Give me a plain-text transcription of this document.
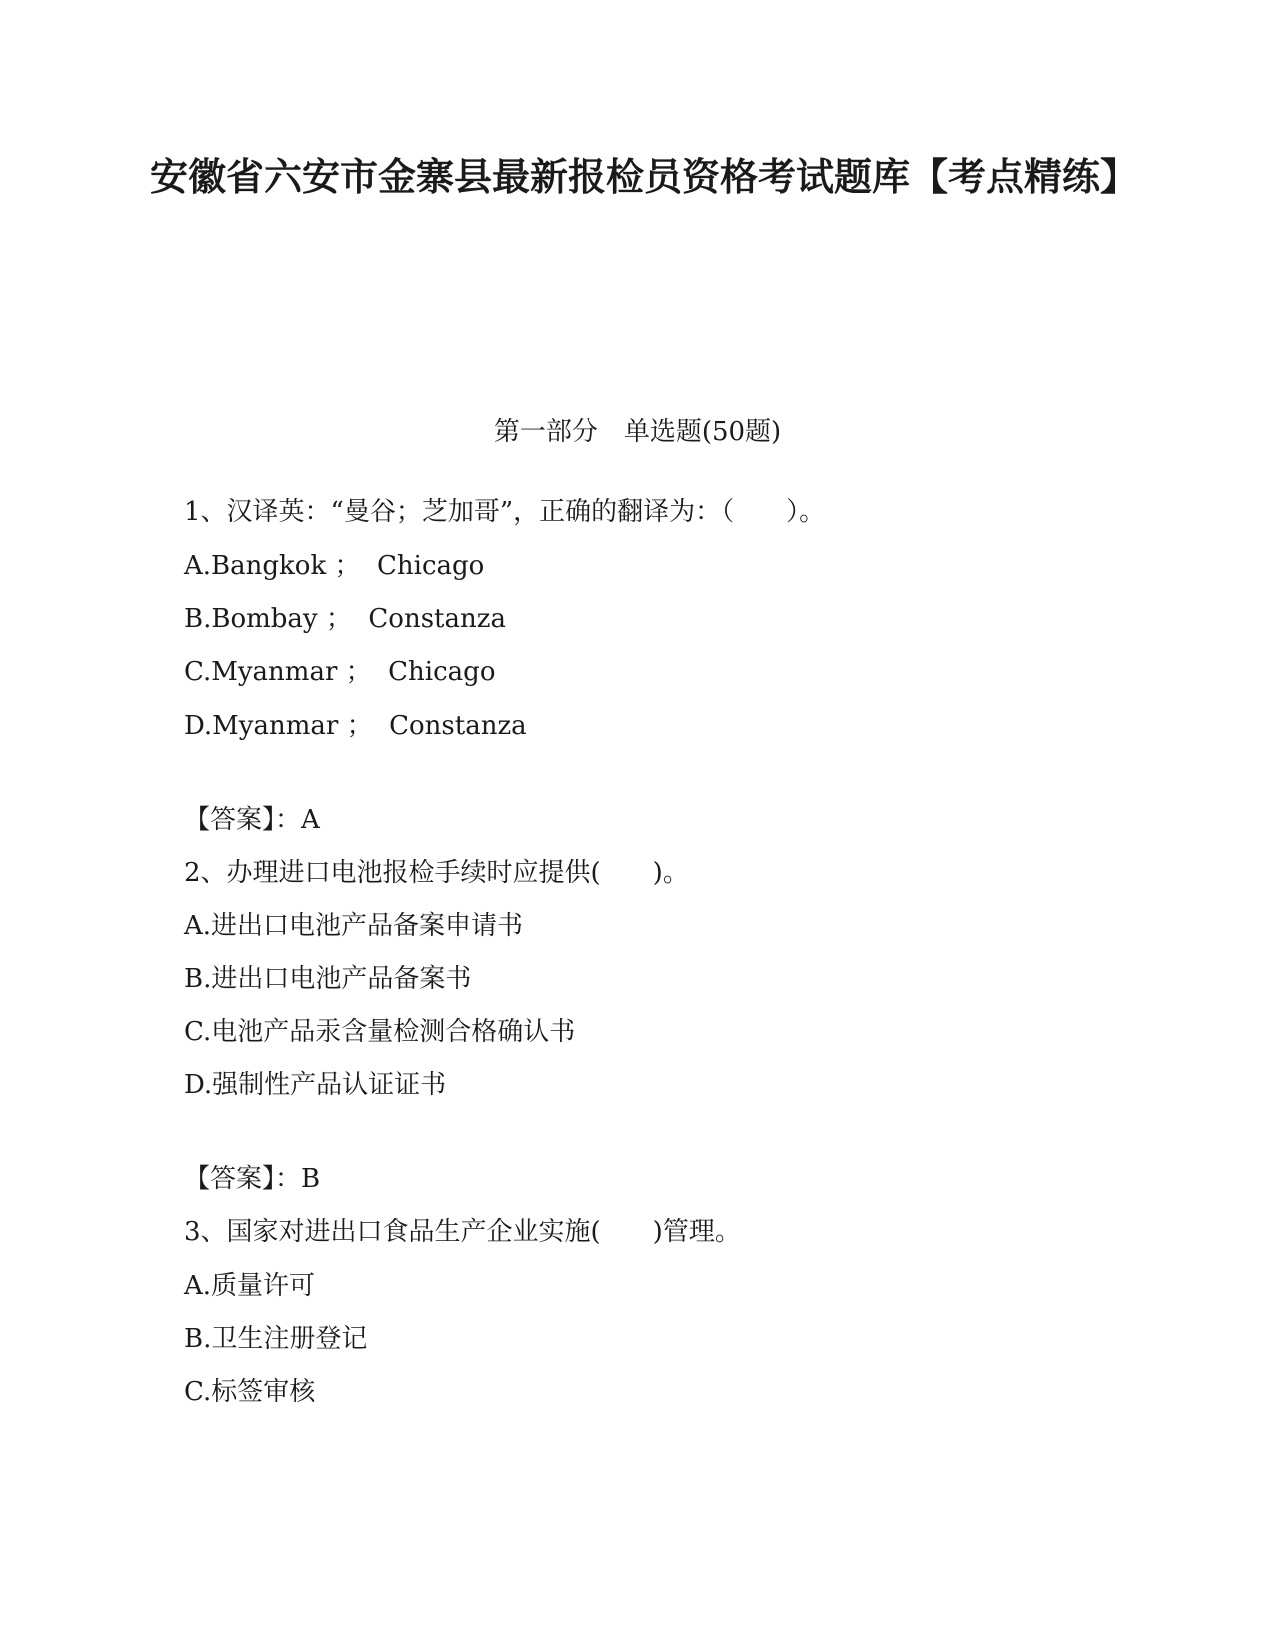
安徽省六安市金寨县最新报检员资格考试题库【考点精练】

第一部分　单选题(50题)

1、汉译英：“曼谷；芝加哥”，正确的翻译为：（　　）。

A.Bangkok ；  Chicago

B.Bombay ；  Constanza

C.Myanmar ；  Chicago

D.Myanmar ；  Constanza

【答案】：A

2、办理进口电池报检手续时应提供(　　)。

A.进出口电池产品备案申请书

B.进出口电池产品备案书

C.电池产品汞含量检测合格确认书

D.强制性产品认证证书

【答案】：B

3、国家对进出口食品生产企业实施(　　)管理。

A.质量许可

B.卫生注册登记

C.标签审核
